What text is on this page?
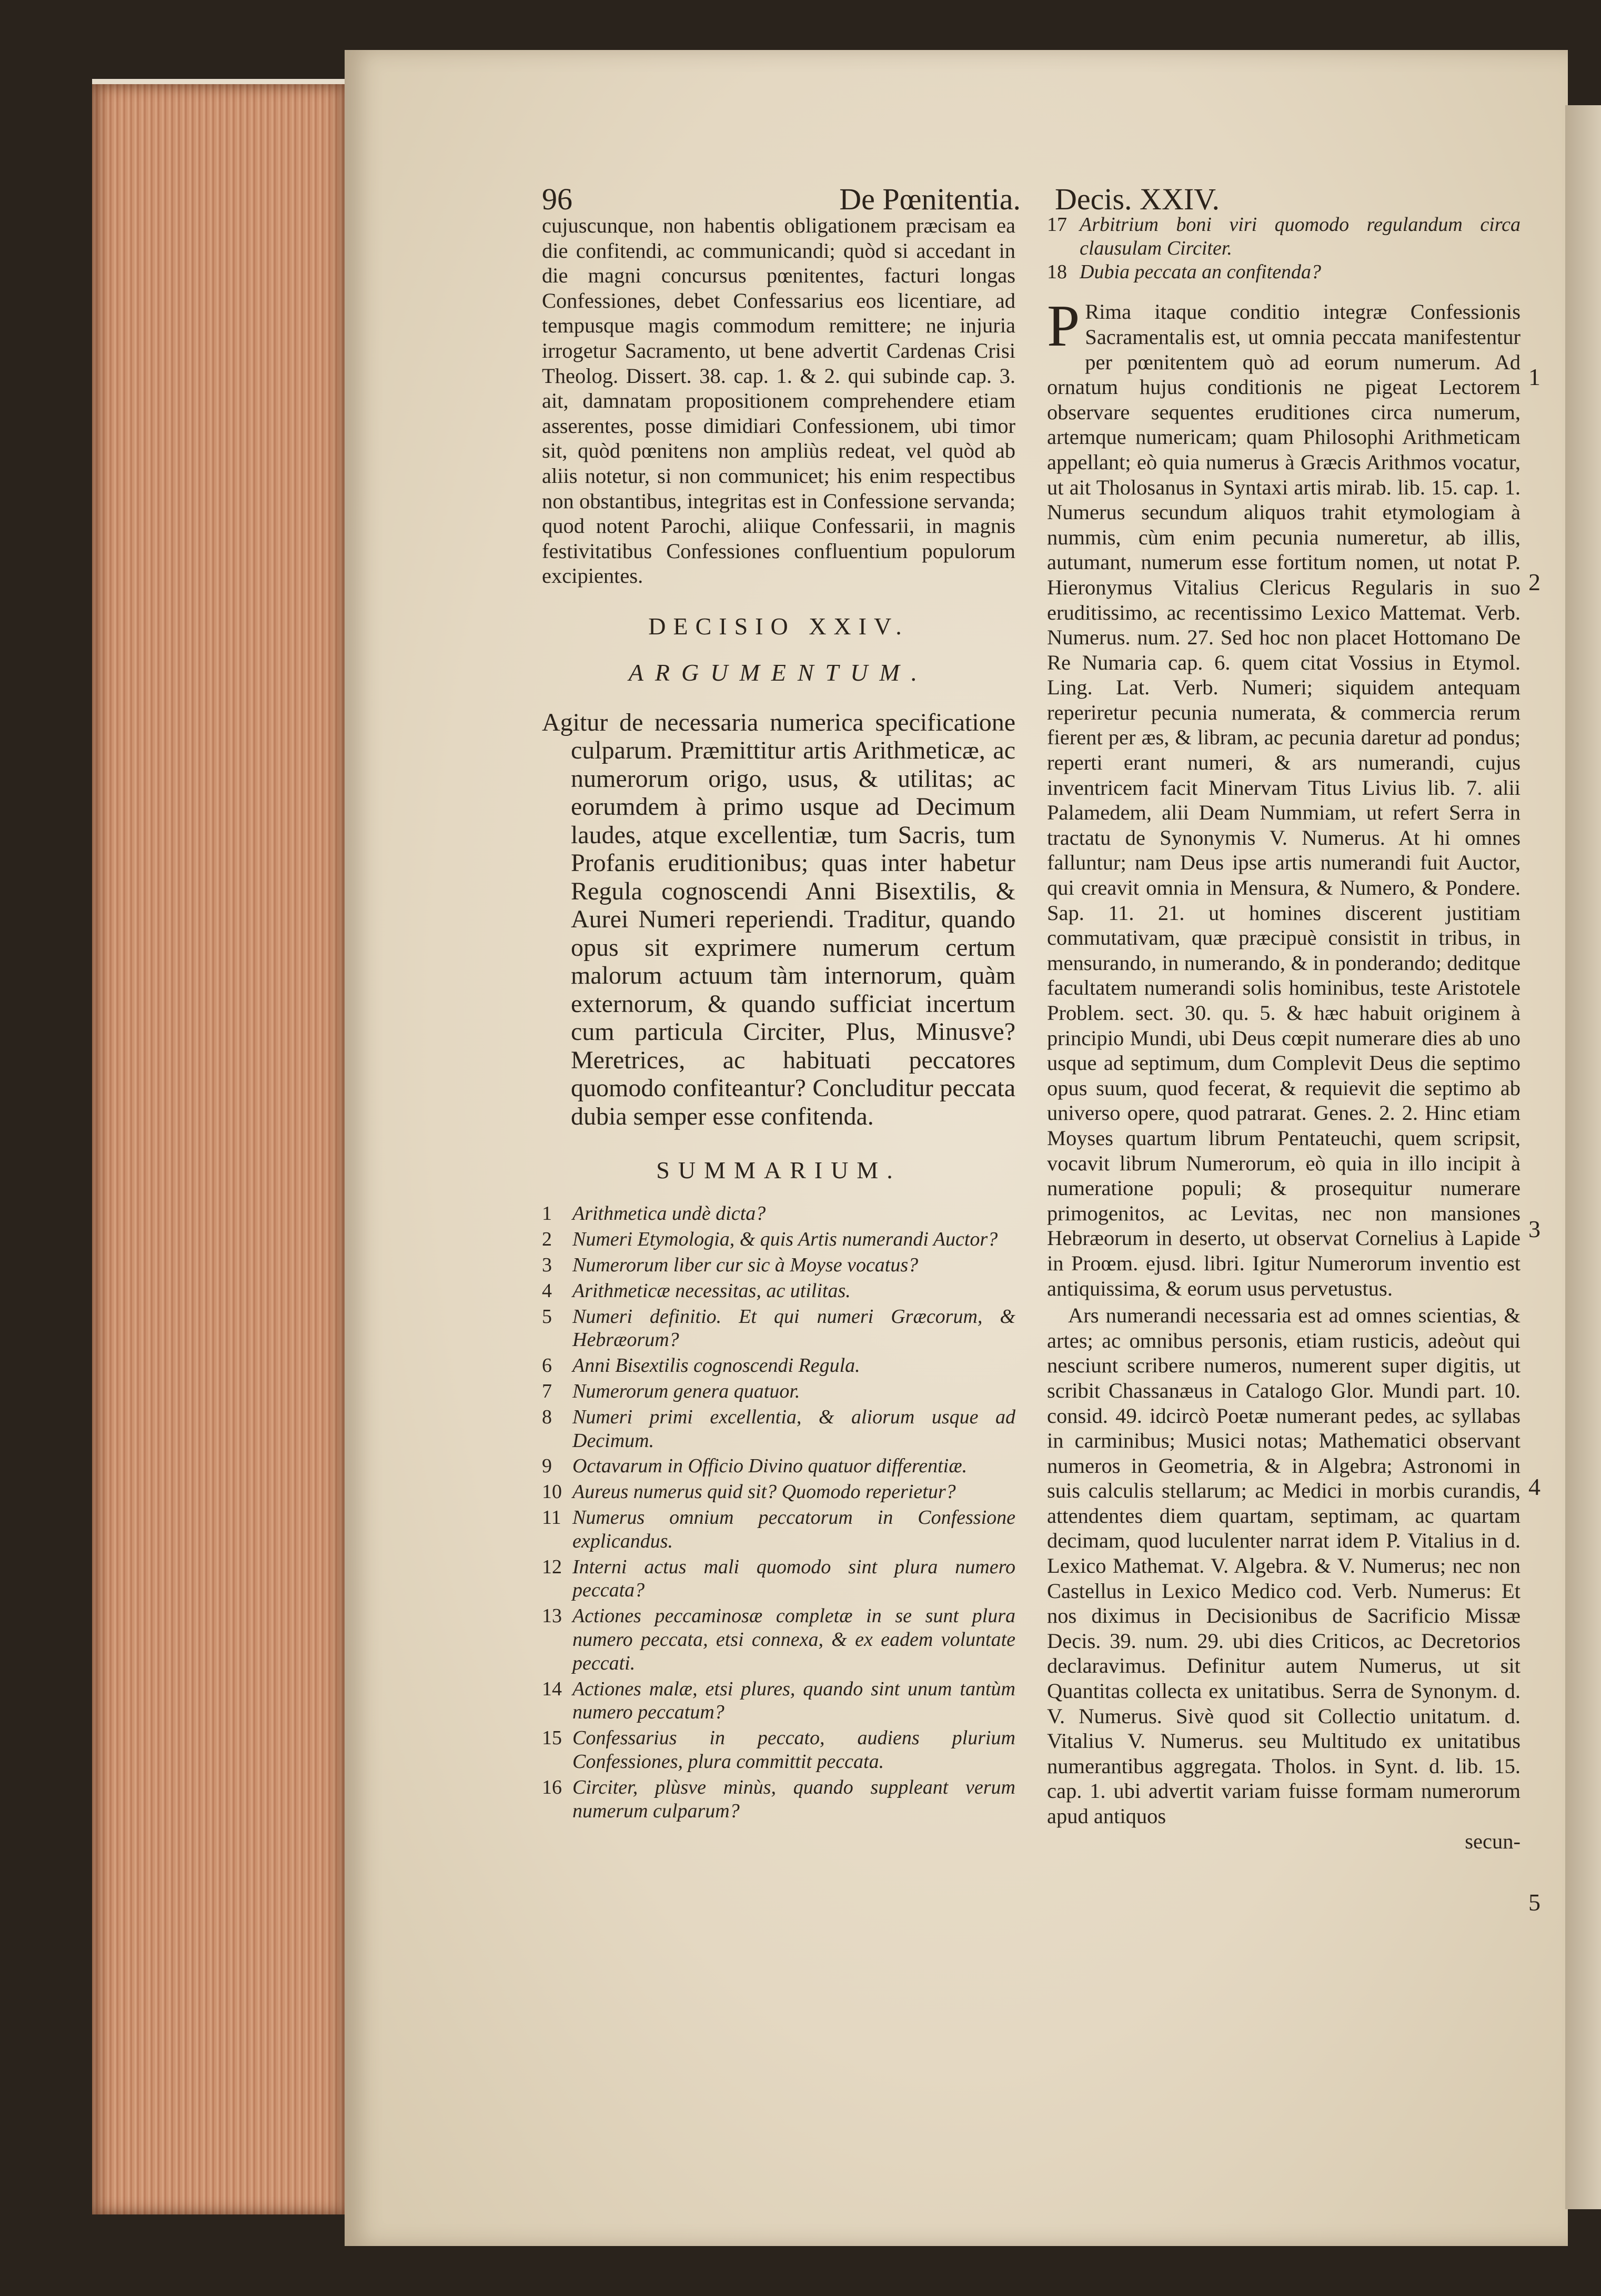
96	De Pœnitentia. Decis. XXIV.

cujuscunque, non habentis obligationem præcisam ea die confitendi, ac communicandi; quòd si accedant in die magni concursus pœnitentes, facturi longas Confessiones, debet Confessarius eos licentiare, ad tempusque magis commodum remittere; ne injuria irrogetur Sacramento, ut bene advertit Cardenas Crisi Theolog. Dissert. 38. cap. 1. & 2. qui subinde cap. 3. ait, damnatam propositionem comprehendere etiam asserentes, posse dimidiari Confessionem, ubi timor sit, quòd pœnitens non ampliùs redeat, vel quòd ab aliis notetur, si non communicet; his enim respectibus non obstantibus, integritas est in Confessione servanda; quod notent Parochi, aliique Confessarii, in magnis festivitatibus Confessiones confluentium populorum excipientes.

DECISIO XXIV.
ARGUMENTUM.
Agitur de necessaria numerica specificatione culparum. Præmittitur artis Arithmeticæ, ac numerorum origo, usus, & utilitas; ac eorumdem à primo usque ad Decimum laudes, atque excellentiæ, tum Sacris, tum Profanis eruditionibus; quas inter habetur Regula cognoscendi Anni Bisextilis, & Aurei Numeri reperiendi. Traditur, quando opus sit exprimere numerum certum malorum actuum tàm internorum, quàm externorum, & quando sufficiat incertum cum particula Circiter, Plus, Minusve? Meretrices, ac habituati peccatores quomodo confiteantur? Concluditur peccata dubia semper esse confitenda.
SUMMARIUM.
1	Arithmetica undè dicta?
2	Numeri Etymologia, & quis Artis numerandi Auctor?
3	Numerorum liber cur sic à Moyse vocatus?
4	Arithmeticæ necessitas, ac utilitas.
5	Numeri definitio. Et qui numeri Græcorum, & Hebræorum?
6	Anni Bisextilis cognoscendi Regula.
7	Numerorum genera quatuor.
8	Numeri primi excellentia, & aliorum usque ad Decimum.
9	Octavarum in Officio Divino quatuor differentiæ.
10 Aureus numerus quid sit? Quomodo reperietur?
11 Numerus omnium peccatorum in Confessione explicandus.
12 Interni actus mali quomodo sint plura numero peccata?
13 Actiones peccaminosæ completæ in se sunt plura numero peccata, etsi connexa, & ex eadem voluntate peccati.
14 Actiones malæ, etsi plures, quando sint unum tantùm numero peccatum?
15 Confessarius in peccato, audiens plurium Confessiones, plura committit peccata.
16 Circiter, plùsve minùs, quando suppleant verum numerum culparum?
17 Arbitrium boni viri quomodo regulandum circa clausulam Circiter.
18 Dubia peccata an confitenda?

P Rima itaque conditio integræ Confessionis Sacramentalis est, ut omnia peccata manifestentur per pœnitentem quò ad eorum numerum. Ad ornatum hujus conditionis ne pigeat Lectorem observare sequentes eruditiones circa numerum, artemque numericam; quam Philosophi Arithmeticam appellant; eò quia numerus à Græcis Arithmos vocatur, ut ait Tholosanus in Syntaxi artis mirab. lib. 15. cap. 1. Numerus secundum aliquos trahit etymologiam à nummis, cùm enim pecunia numeretur, ab illis, autumant, numerum esse fortitum nomen, ut notat P. Hieronymus Vitalius Clericus Regularis in suo eruditissimo, ac recentissimo Lexico Mattemat. Verb. Numerus. num. 27. Sed hoc non placet Hottomano De Re Numaria cap. 6. quem citat Vossius in Etymol. Ling. Lat. Verb. Numeri; siquidem antequam reperiretur pecunia numerata, & commercia rerum fierent per æs, & libram, ac pecunia daretur ad pondus; reperti erant numeri, & ars numerandi, cujus inventricem facit Minervam Titus Livius lib. 7. alii Palamedem, alii Deam Nummiam, ut refert Serra in tractatu de Synonymis V. Numerus. At hi omnes falluntur; nam Deus ipse artis numerandi fuit Auctor, qui creavit omnia in Mensura, & Numero, & Pondere. Sap. 11. 21. ut homines discerent justitiam commutativam, quæ præcipuè consistit in tribus, in mensurando, in numerando, & in ponderando; deditque facultatem numerandi solis hominibus, teste Aristotele Problem. sect. 30. qu. 5. & hæc habuit originem à principio Mundi, ubi Deus cœpit numerare dies ab uno usque ad septimum, dum Complevit Deus die septimo opus suum, quod fecerat, & requievit die septimo ab universo opere, quod patrarat. Genes. 2. 2. Hinc etiam Moyses quartum librum Pentateuchi, quem scripsit, vocavit librum Numerorum, eò quia in illo incipit à numeratione populi; & prosequitur numerare primogenitos, ac Levitas, nec non mansiones Hebræorum in deserto, ut observat Cornelius à Lapide in Proœm. ejusd. libri. Igitur Numerorum inventio est antiquissima, & eorum usus pervetustus.

Ars numerandi necessaria est ad omnes scientias, & artes; ac omnibus personis, etiam rusticis, adeòut qui nesciunt scribere numeros, numerent super digitis, ut scribit Chassanæus in Catalogo Glor. Mundi part. 10. consid. 49. idcircò Poetæ numerant pedes, ac syllabas in carminibus; Musici notas; Mathematici observant numeros in Geometria, & in Algebra; Astronomi in suis calculis stellarum; ac Medici in morbis curandis, attendentes diem quartam, septimam, ac quartam decimam, quod luculenter narrat idem P. Vitalius in d. Lexico Mathemat. V. Algebra. & V. Numerus; nec non Castellus in Lexico Medico cod. Verb. Numerus: Et nos diximus in Decisionibus de Sacrificio Missæ Decis. 39. num. 29. ubi dies Criticos, ac Decretorios declaravimus. Definitur autem Numerus, ut sit Quantitas collecta ex unitatibus. Serra de Synonym. d. V. Numerus. Sivè quod sit Collectio unitatum. d. Vitalius V. Numerus. seu Multitudo ex unitatibus numerantibus aggregata. Tholos. in Synt. d. lib. 15. cap. 1. ubi advertit variam fuisse formam numerorum apud antiquos

secun-
1
2
3
4
5
